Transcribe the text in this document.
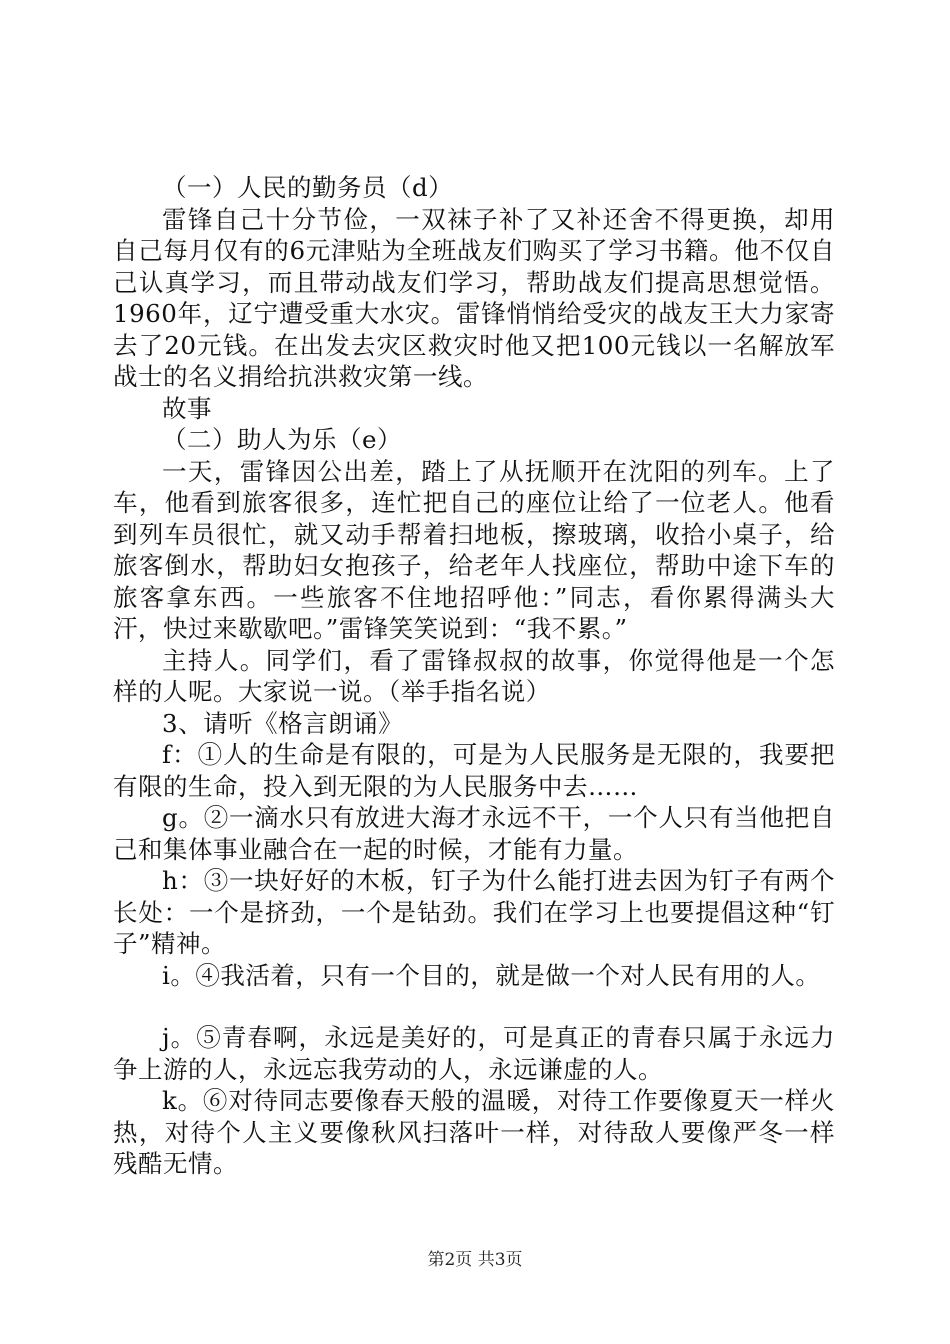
（一）人民的勤务员（d）

雷锋自己十分节俭，一双袜子补了又补还舍不得更换，却用自己每月仅有的6元津贴为全班战友们购买了学习书籍。他不仅自己认真学习，而且带动战友们学习，帮助战友们提高思想觉悟。1960年，辽宁遭受重大水灾。雷锋悄悄给受灾的战友王大力家寄去了20元钱。在出发去灾区救灾时他又把100元钱以一名解放军战士的名义捐给抗洪救灾第一线。

故事

（二）助人为乐（e）

一天，雷锋因公出差，踏上了从抚顺开在沈阳的列车。上了车，他看到旅客很多，连忙把自己的座位让给了一位老人。他看到列车员很忙，就又动手帮着扫地板，擦玻璃，收拾小桌子，给旅客倒水，帮助妇女抱孩子，给老年人找座位，帮助中途下车的旅客拿东西。一些旅客不住地招呼他：”同志，看你累得满头大汗，快过来歇歇吧。”雷锋笑笑说到：“我不累。”

主持人。同学们，看了雷锋叔叔的故事，你觉得他是一个怎样的人呢。大家说一说。（举手指名说）

3、请听《格言朗诵》

f：①人的生命是有限的，可是为人民服务是无限的，我要把有限的生命，投入到无限的为人民服务中去……

g。②一滴水只有放进大海才永远不干，一个人只有当他把自己和集体事业融合在一起的时候，才能有力量。

h：③一块好好的木板，钉子为什么能打进去因为钉子有两个长处：一个是挤劲，一个是钻劲。我们在学习上也要提倡这种“钉子”精神。

i。④我活着，只有一个目的，就是做一个对人民有用的人。

j。⑤青春啊，永远是美好的，可是真正的青春只属于永远力争上游的人，永远忘我劳动的人，永远谦虚的人。

k。⑥对待同志要像春天般的温暖，对待工作要像夏天一样火热，对待个人主义要像秋风扫落叶一样，对待敌人要像严冬一样残酷无情。

第2页 共3页
